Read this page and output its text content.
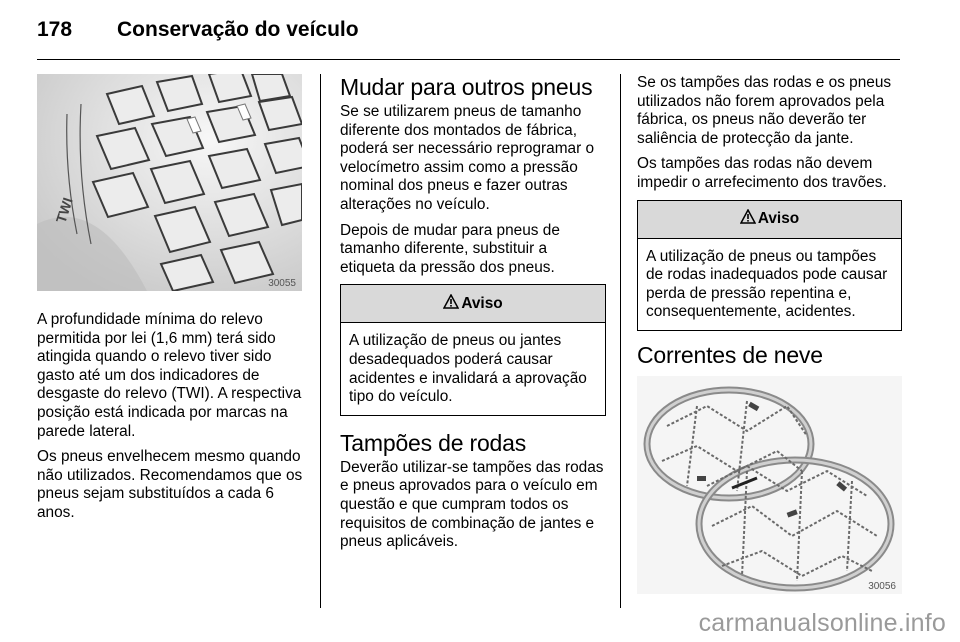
178 Conservação do veículo
TWI
30055

A profundidade mínima do relevo permitida por lei (1,6 mm) terá sido atingida quando o relevo tiver sido gasto até um dos indicadores de desgaste do relevo (TWI). A respectiva posição está indicada por marcas na parede lateral.

Os pneus envelhecem mesmo quando não utilizados. Recomendamos que os pneus sejam substituídos a cada 6 anos.

Mudar para outros pneus

Se se utilizarem pneus de tamanho diferente dos montados de fábrica, poderá ser necessário reprogramar o velocímetro assim como a pressão nominal dos pneus e fazer outras alterações no veículo.

Depois de mudar para pneus de tamanho diferente, substituir a etiqueta da pressão dos pneus.

Aviso

A utilização de pneus ou jantes desadequados poderá causar acidentes e invalidará a aprovação tipo do veículo.

Tampões de rodas

Deverão utilizar-se tampões das rodas e pneus aprovados para o veículo em questão e que cumpram todos os requisitos de combinação de jantes e pneus aplicáveis.

Se os tampões das rodas e os pneus utilizados não forem aprovados pela fábrica, os pneus não deverão ter saliência de protecção da jante.

Os tampões das rodas não devem impedir o arrefecimento dos travões.

Aviso

A utilização de pneus ou tampões de rodas inadequados pode causar perda de pressão repentina e, consequentemente, acidentes.

Correntes de neve
30056
carmanualsonline.info
